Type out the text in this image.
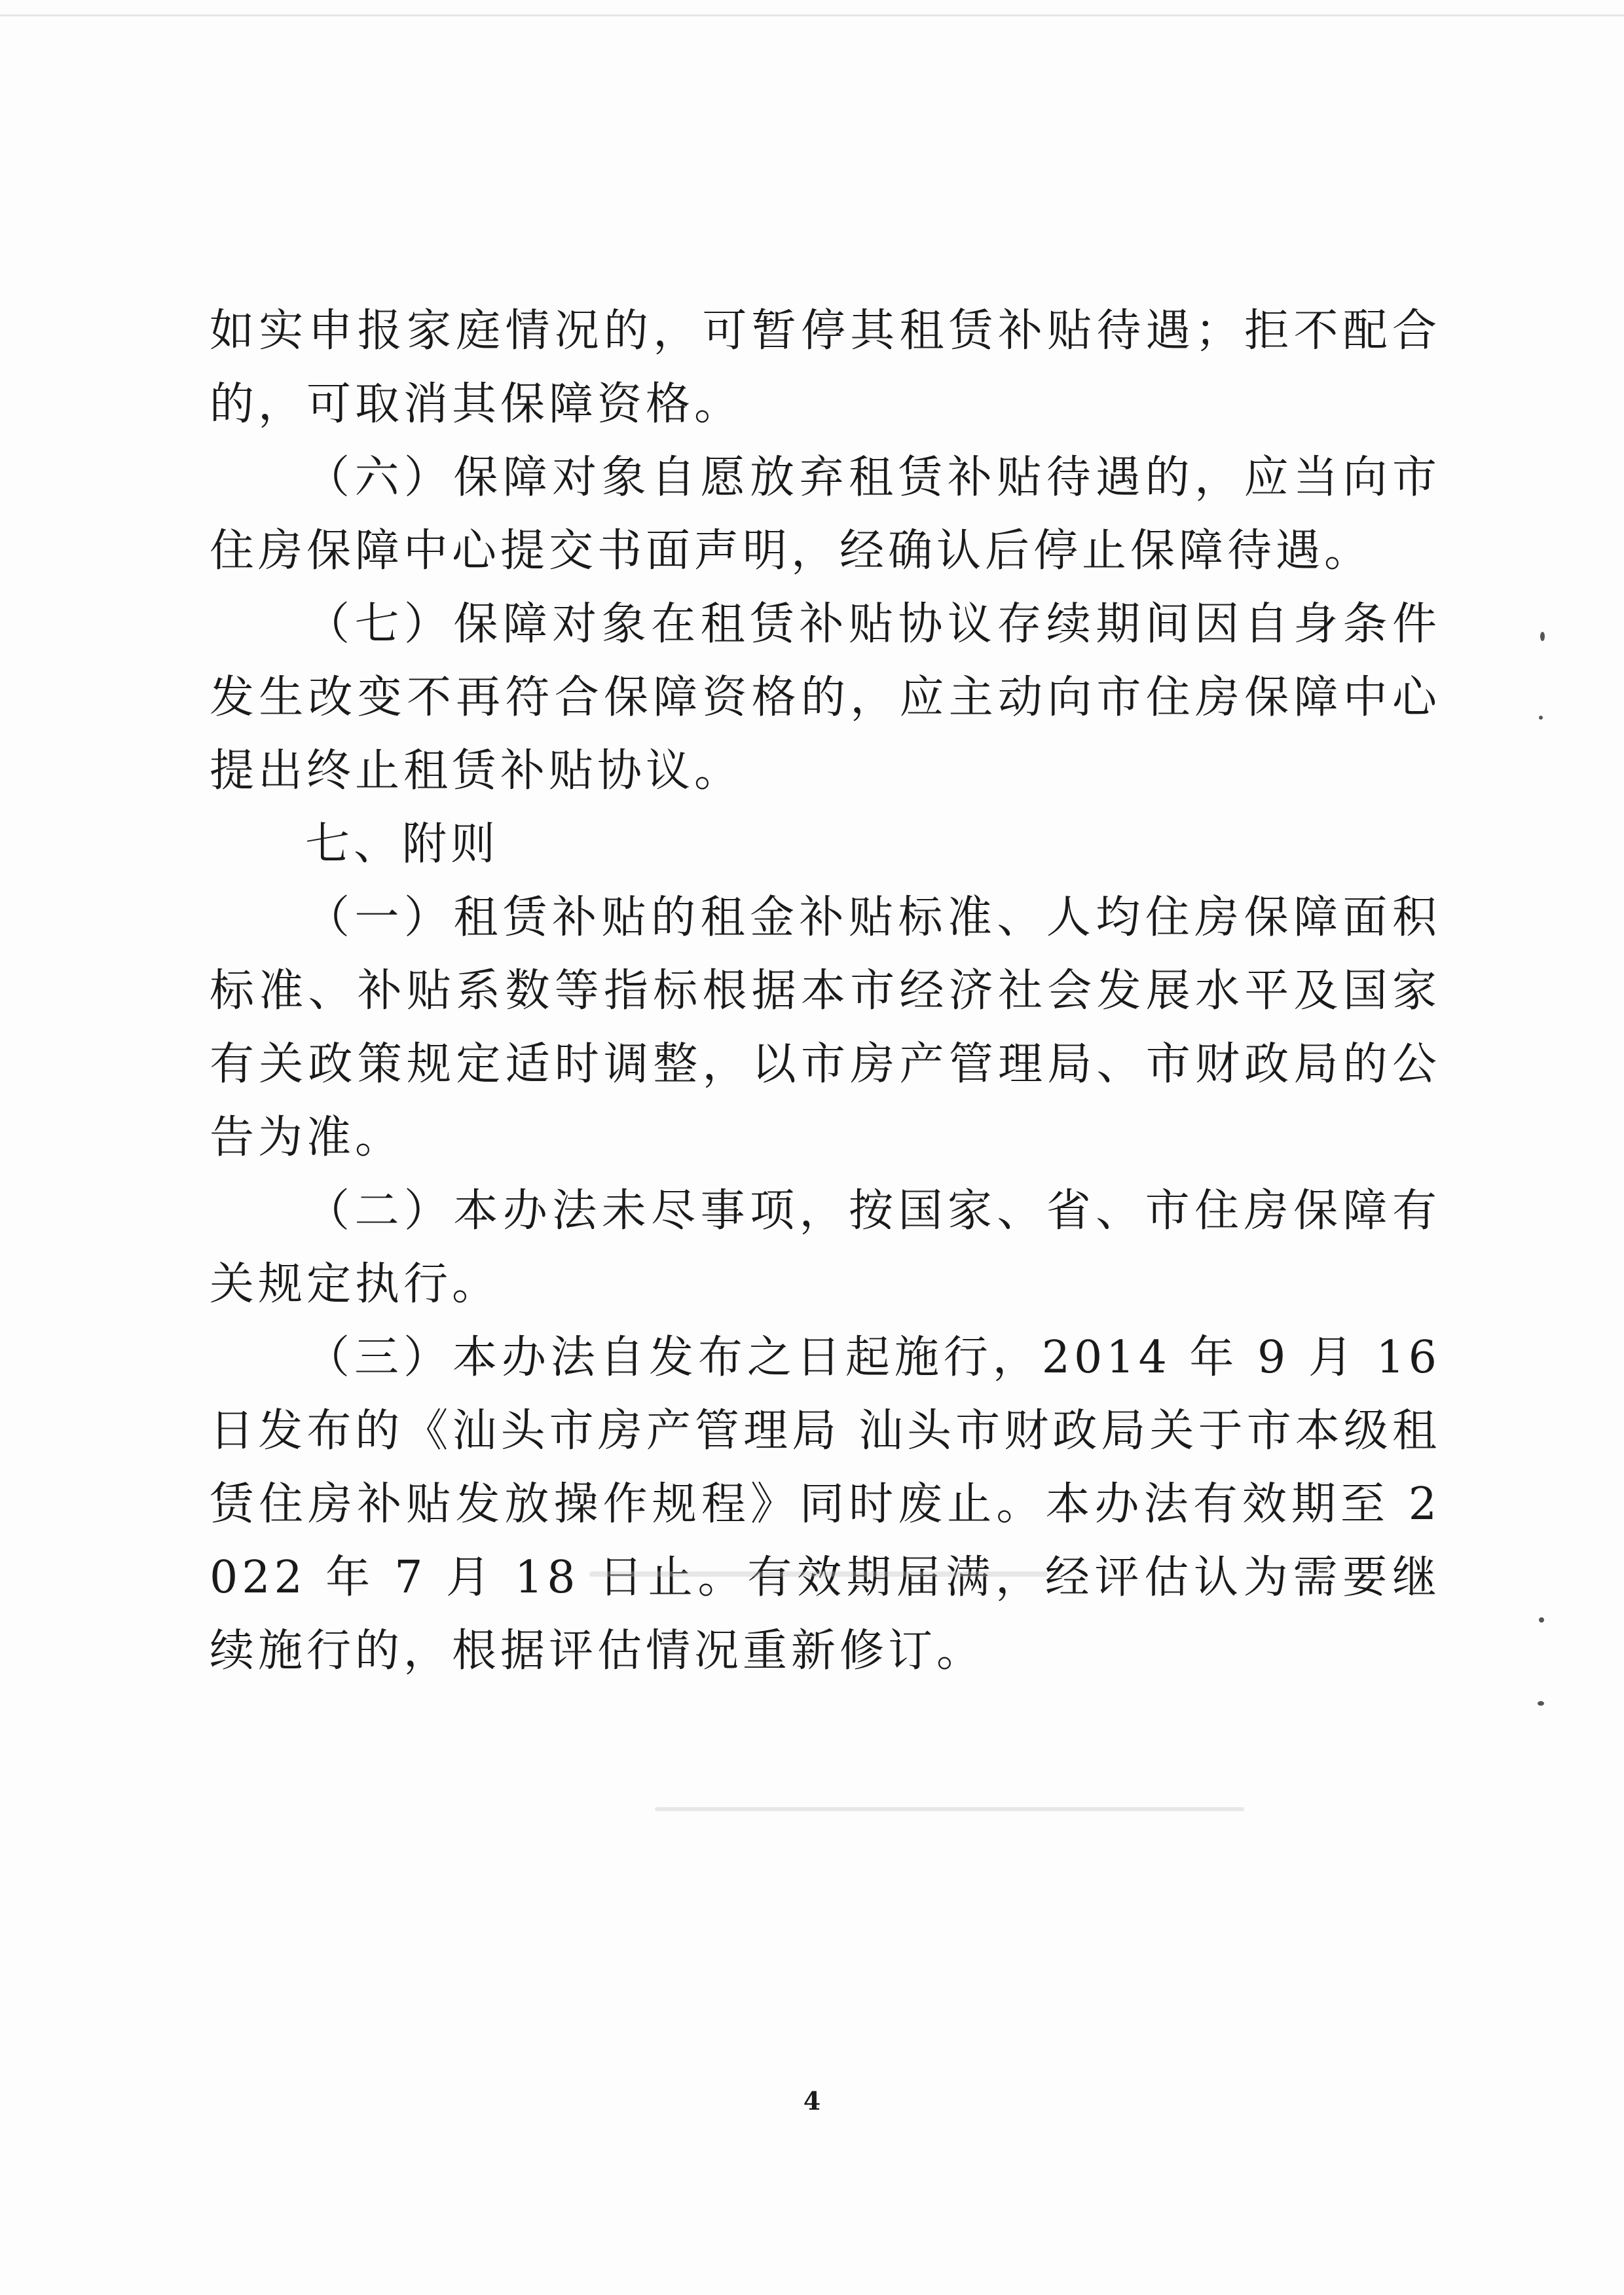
如实申报家庭情况的，可暂停其租赁补贴待遇；拒不配合的，可取消其保障资格。

（六）保障对象自愿放弃租赁补贴待遇的，应当向市住房保障中心提交书面声明，经确认后停止保障待遇。

（七）保障对象在租赁补贴协议存续期间因自身条件发生改变不再符合保障资格的，应主动向市住房保障中心提出终止租赁补贴协议。

七、附则

（一）租赁补贴的租金补贴标准、人均住房保障面积标准、补贴系数等指标根据本市经济社会发展水平及国家有关政策规定适时调整，以市房产管理局、市财政局的公告为准。

（二）本办法未尽事项，按国家、省、市住房保障有关规定执行。

（三）本办法自发布之日起施行，2014 年 9 月 16 日发布的《汕头市房产管理局 汕头市财政局关于市本级租赁住房补贴发放操作规程》同时废止。本办法有效期至 2022 年 7 月 18 日止。有效期届满，经评估认为需要继续施行的，根据评估情况重新修订。

4
